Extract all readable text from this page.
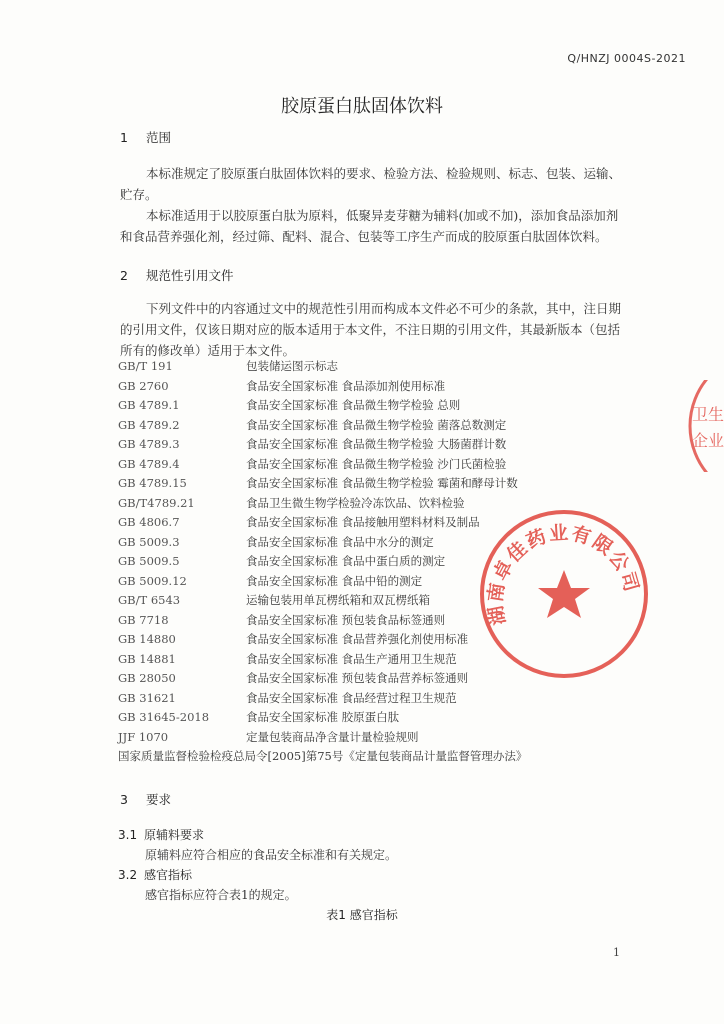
Q/HNZJ 0004S-2021
胶原蛋白肽固体饮料
1 范围
本标准规定了胶原蛋白肽固体饮料的要求、检验方法、检验规则、标志、包装、运输、
贮存。
本标准适用于以胶原蛋白肽为原料，低聚异麦芽糖为辅料(加或不加)，添加食品添加剂
和食品营养强化剂，经过筛、配料、混合、包装等工序生产而成的胶原蛋白肽固体饮料。
2 规范性引用文件
下列文件中的内容通过文中的规范性引用而构成本文件必不可少的条款，其中，注日期
的引用文件，仅该日期对应的版本适用于本文件，不注日期的引用文件，其最新版本（包括
所有的修改单）适用于本文件。
GB/T 191	包装储运图示标志
GB 2760	食品安全国家标准 食品添加剂使用标准
GB 4789.1	食品安全国家标准 食品微生物学检验 总则
GB 4789.2	食品安全国家标准 食品微生物学检验 菌落总数测定
GB 4789.3	食品安全国家标准 食品微生物学检验 大肠菌群计数
GB 4789.4	食品安全国家标准 食品微生物学检验 沙门氏菌检验
GB 4789.15	食品安全国家标准 食品微生物学检验 霉菌和酵母计数
GB/T4789.21	食品卫生微生物学检验冷冻饮品、饮料检验
GB 4806.7	食品安全国家标准 食品接触用塑料材料及制品
GB 5009.3	食品安全国家标准 食品中水分的测定
GB 5009.5	食品安全国家标准 食品中蛋白质的测定
GB 5009.12	食品安全国家标准 食品中铅的测定
GB/T 6543	运输包装用单瓦楞纸箱和双瓦楞纸箱
GB 7718	食品安全国家标准 预包装食品标签通则
GB 14880	食品安全国家标准 食品营养强化剂使用标准
GB 14881	食品安全国家标准 食品生产通用卫生规范
GB 28050	食品安全国家标准 预包装食品营养标签通则
GB 31621	食品安全国家标准 食品经营过程卫生规范
GB 31645-2018	食品安全国家标准 胶原蛋白肽
JJF 1070	定量包装商品净含量计量检验规则
国家质量监督检验检疫总局令[2005]第75号《定量包装商品计量监督管理办法》
3 要求
3.1 原辅料要求
原辅料应符合相应的食品安全标准和有关规定。
3.2 感官指标
感官指标应符合表1的规定。
表1 感官指标
1
湖南卓佳药业有限公司
卫生
企业
